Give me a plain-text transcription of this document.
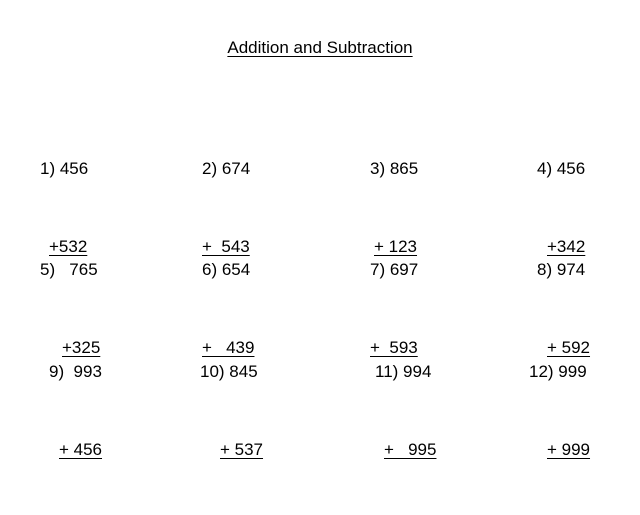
Addition and Subtraction

1) 456

+532

2) 674

+  543

3) 865

+ 123

4) 456

+342

5)   765

+325

6) 654

+   439

7) 697

+  593

8) 974

+ 592

9)  993

+ 456

10) 845

+ 537

11) 994

+   995

12) 999

+ 999
